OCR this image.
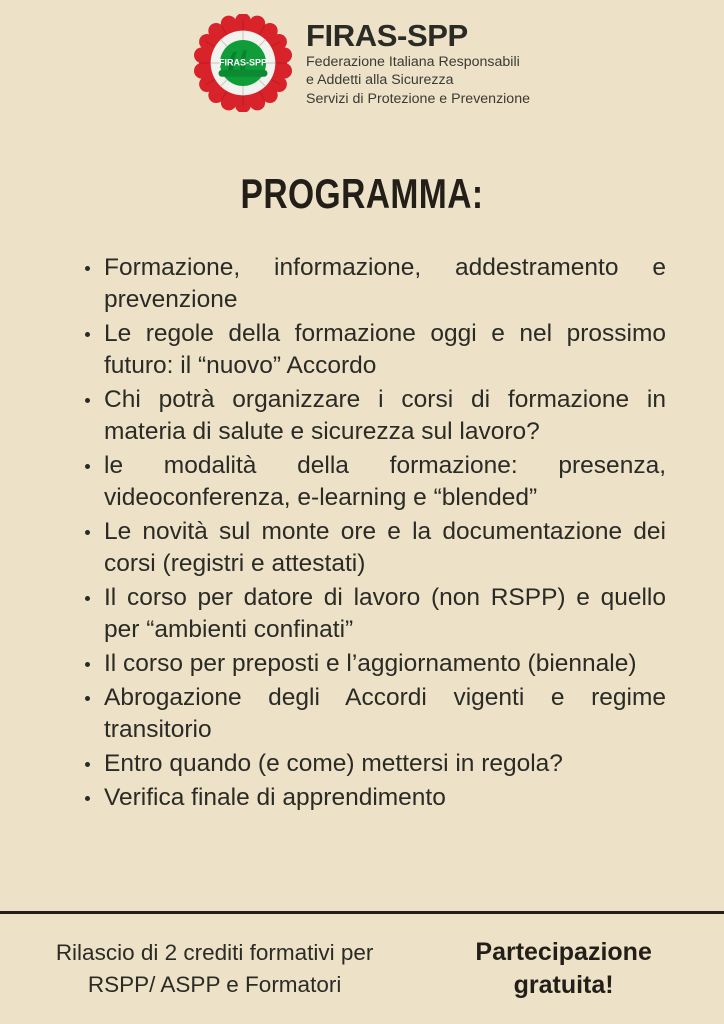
FIRAS-SPP
FIRAS-SPP
Federazione Italiana Responsabili
e Addetti alla Sicurezza
Servizi di Protezione e Prevenzione
PROGRAMMA:
Formazione, informazione, addestramento e prevenzione
Le regole della formazione oggi e nel prossimo futuro: il “nuovo” Accordo
Chi potrà organizzare i corsi di formazione in materia di salute e sicurezza sul lavoro?
le modalità della formazione: presenza, videoconferenza, e-learning e “blended”
Le novità sul monte ore e la documentazione dei corsi (registri e attestati)
Il corso per datore di lavoro (non RSPP) e quello per “ambienti confinati”
Il corso per preposti e l’aggiornamento (biennale)
Abrogazione degli Accordi vigenti e regime transitorio
Entro quando (e come) mettersi in regola?
Verifica finale di apprendimento
Rilascio di 2 crediti formativi per
RSPP/ ASPP e Formatori
Partecipazione
gratuita!
